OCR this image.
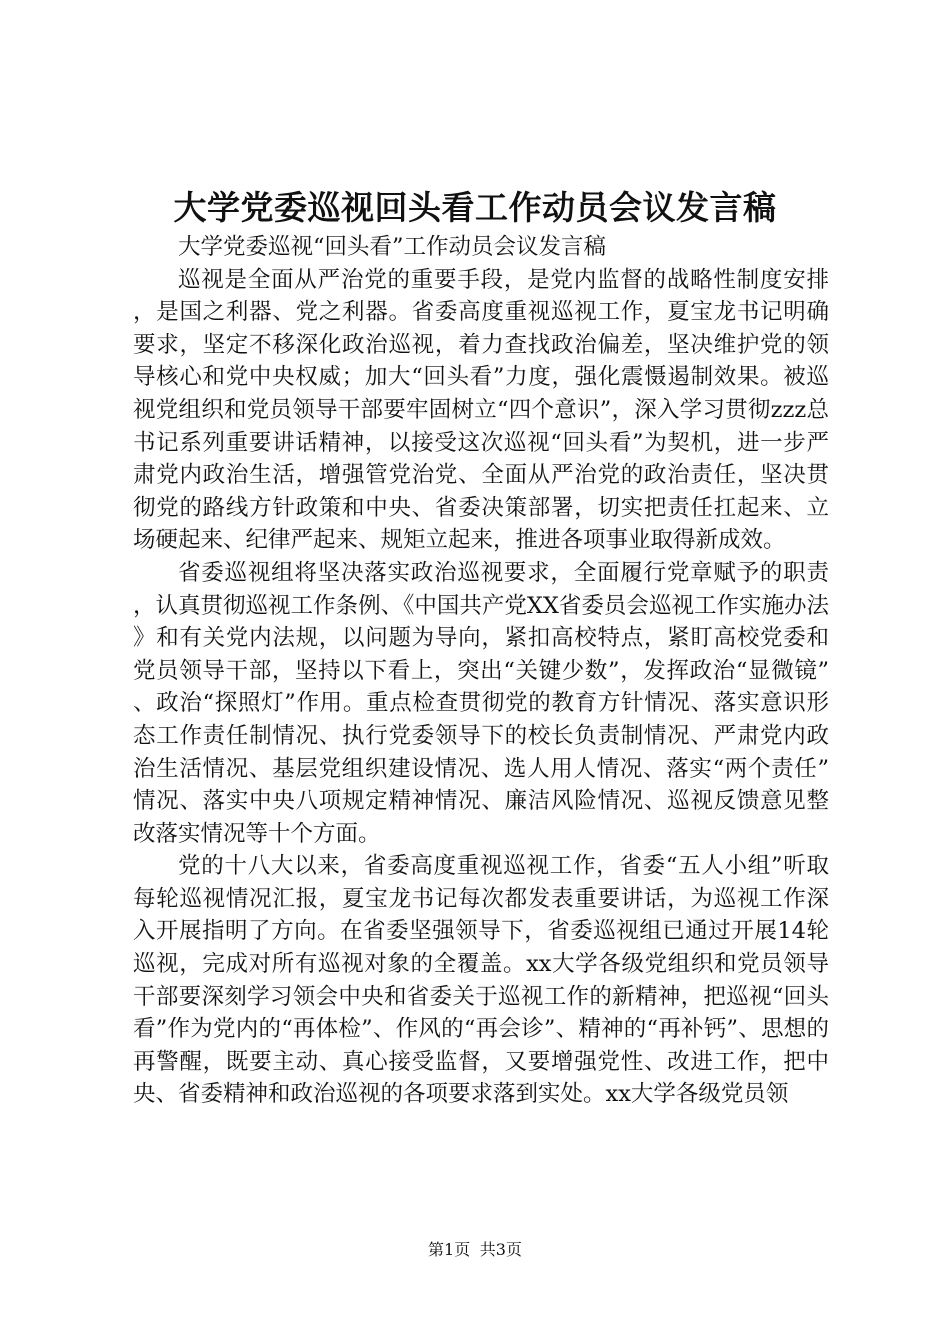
大学党委巡视回头看工作动员会议发言稿

大学党委巡视“回头看”工作动员会议发言稿

巡视是全面从严治党的重要手段，是党内监督的战略性制度安排，是国之利器、党之利器。省委高度重视巡视工作，夏宝龙书记明确要求，坚定不移深化政治巡视，着力查找政治偏差，坚决维护党的领导核心和党中央权威；加大“回头看”力度，强化震慑遏制效果。被巡视党组织和党员领导干部要牢固树立“四个意识”，深入学习贯彻zzz总书记系列重要讲话精神，以接受这次巡视“回头看”为契机，进一步严肃党内政治生活，增强管党治党、全面从严治党的政治责任，坚决贯彻党的路线方针政策和中央、省委决策部署，切实把责任扛起来、立场硬起来、纪律严起来、规矩立起来，推进各项事业取得新成效。

省委巡视组将坚决落实政治巡视要求，全面履行党章赋予的职责，认真贯彻巡视工作条例、《中国共产党XX省委员会巡视工作实施办法》和有关党内法规，以问题为导向，紧扣高校特点，紧盯高校党委和党员领导干部，坚持以下看上，突出“关键少数”，发挥政治“显微镜”、政治“探照灯”作用。重点检查贯彻党的教育方针情况、落实意识形态工作责任制情况、执行党委领导下的校长负责制情况、严肃党内政治生活情况、基层党组织建设情况、选人用人情况、落实“两个责任”情况、落实中央八项规定精神情况、廉洁风险情况、巡视反馈意见整改落实情况等十个方面。

党的十八大以来，省委高度重视巡视工作，省委“五人小组”听取每轮巡视情况汇报，夏宝龙书记每次都发表重要讲话，为巡视工作深入开展指明了方向。在省委坚强领导下，省委巡视组已通过开展14轮巡视，完成对所有巡视对象的全覆盖。xx大学各级党组织和党员领导干部要深刻学习领会中央和省委关于巡视工作的新精神，把巡视“回头看”作为党内的“再体检”、作风的“再会诊”、精神的“再补钙”、思想的再警醒，既要主动、真心接受监督，又要增强党性、改进工作，把中央、省委精神和政治巡视的各项要求落到实处。xx大学各级党员领

第1页 共3页
